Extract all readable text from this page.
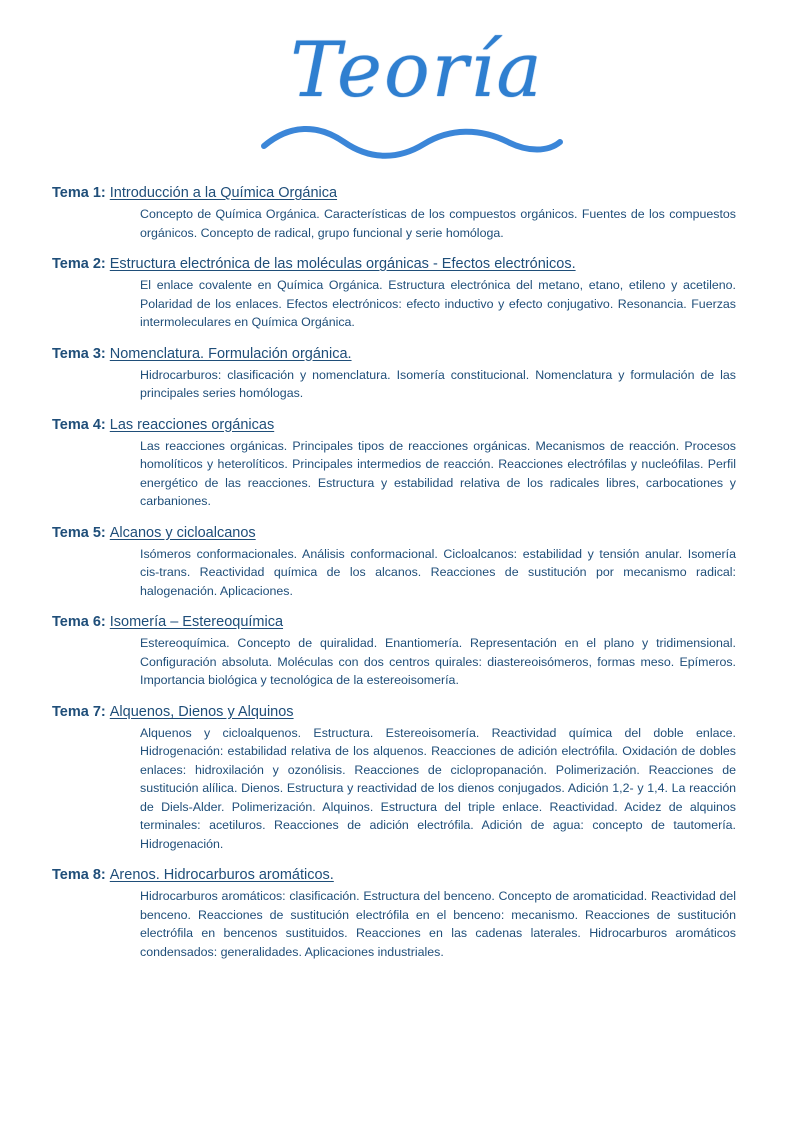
Teoría
Tema 1: Introducción a la Química Orgánica
Concepto de Química Orgánica. Características de los compuestos orgánicos. Fuentes de los compuestos orgánicos. Concepto de radical, grupo funcional y serie homóloga.
Tema 2: Estructura electrónica de las moléculas orgánicas - Efectos electrónicos.
El enlace covalente en Química Orgánica. Estructura electrónica del metano, etano, etileno y acetileno. Polaridad de los enlaces. Efectos electrónicos: efecto inductivo y efecto conjugativo. Resonancia. Fuerzas intermoleculares en Química Orgánica.
Tema 3: Nomenclatura. Formulación orgánica.
Hidrocarburos: clasificación y nomenclatura. Isomería constitucional. Nomenclatura y formulación de las principales series homólogas.
Tema 4: Las reacciones orgánicas
Las reacciones orgánicas. Principales tipos de reacciones orgánicas. Mecanismos de reacción. Procesos homolíticos y heterolíticos. Principales intermedios de reacción. Reacciones electrófilas y nucleófilas. Perfil energético de las reacciones. Estructura y estabilidad relativa de los radicales libres, carbocationes y carbaniones.
Tema 5: Alcanos y cicloalcanos
Isómeros conformacionales. Análisis conformacional. Cicloalcanos: estabilidad y tensión anular. Isomería cis-trans. Reactividad química de los alcanos. Reacciones de sustitución por mecanismo radical: halogenación. Aplicaciones.
Tema 6: Isomería – Estereoquímica
Estereoquímica. Concepto de quiralidad. Enantiomería. Representación en el plano y tridimensional. Configuración absoluta. Moléculas con dos centros quirales: diastereoisómeros, formas meso. Epímeros. Importancia biológica y tecnológica de la estereoisomería.
Tema 7: Alquenos, Dienos y Alquinos
Alquenos y cicloalquenos. Estructura. Estereoisomería. Reactividad química del doble enlace. Hidrogenación: estabilidad relativa de los alquenos. Reacciones de adición electrófila. Oxidación de dobles enlaces: hidroxilación y ozonólisis. Reacciones de ciclopropanación. Polimerización. Reacciones de sustitución alílica. Dienos. Estructura y reactividad de los dienos conjugados. Adición 1,2- y 1,4. La reacción de Diels-Alder. Polimerización. Alquinos. Estructura del triple enlace. Reactividad. Acidez de alquinos terminales: acetiluros. Reacciones de adición electrófila. Adición de agua: concepto de tautomería. Hidrogenación.
Tema 8: Arenos. Hidrocarburos aromáticos.
Hidrocarburos aromáticos: clasificación. Estructura del benceno. Concepto de aromaticidad. Reactividad del benceno. Reacciones de sustitución electrófila en el benceno: mecanismo. Reacciones de sustitución electrófila en bencenos sustituidos. Reacciones en las cadenas laterales. Hidrocarburos aromáticos condensados: generalidades. Aplicaciones industriales.
